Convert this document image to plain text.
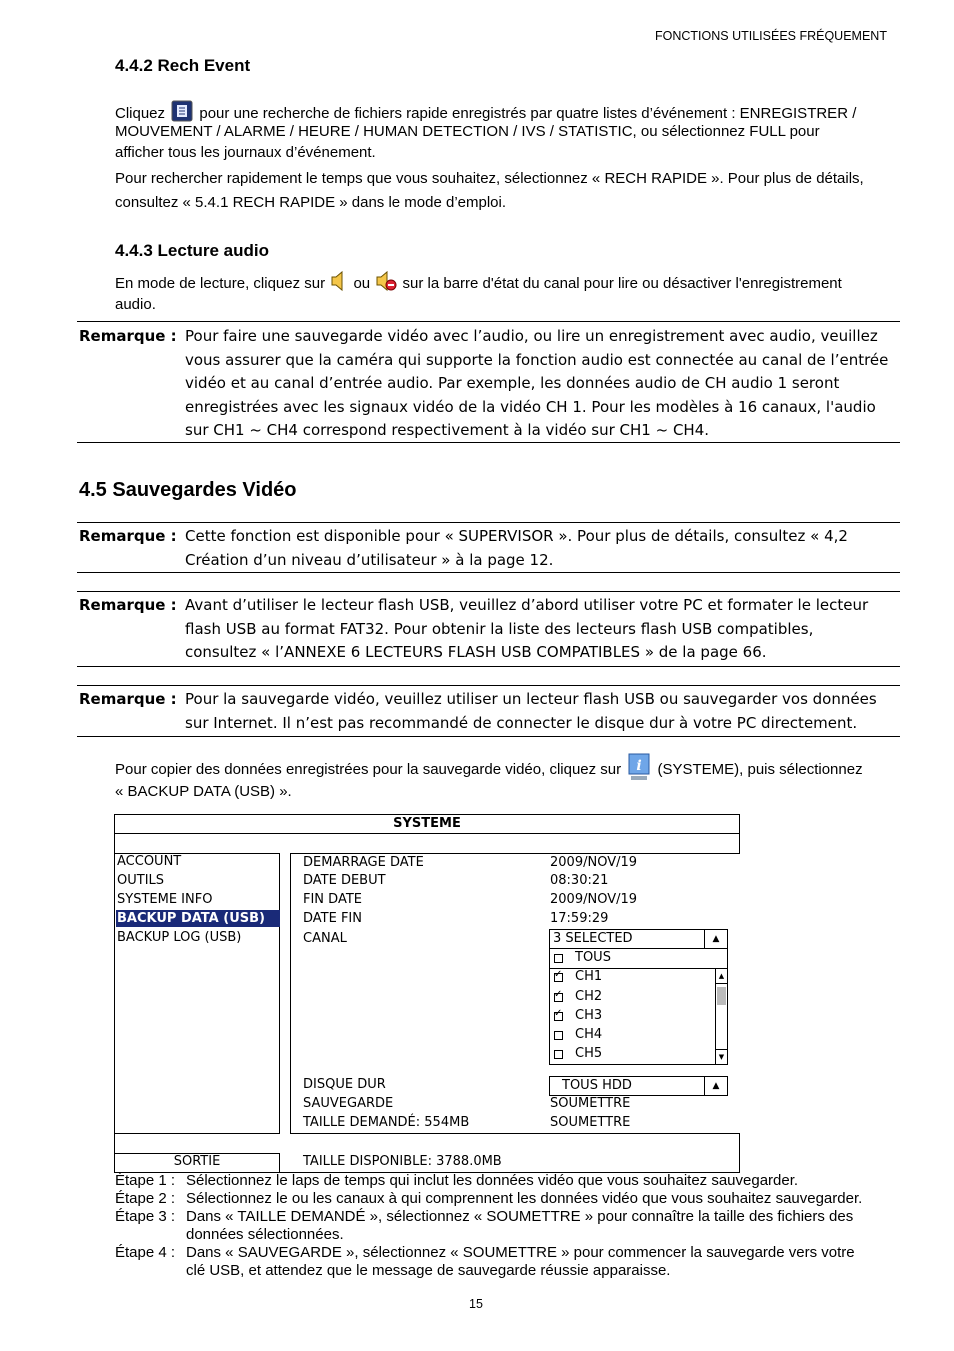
FONCTIONS UTILISÉES FRÉQUEMENT
4.4.2 Rech Event
Cliquez pour une recherche de fichiers rapide enregistrés par quatre listes d’événement : ENREGISTRER /
MOUVEMENT / ALARME / HEURE / HUMAN DETECTION / IVS / STATISTIC, ou sélectionnez FULL pour
afficher tous les journaux d’événement.
Pour rechercher rapidement le temps que vous souhaitez, sélectionnez « RECH RAPIDE ». Pour plus de détails,
consultez « 5.4.1 RECH RAPIDE » dans le mode d’emploi.
4.4.3 Lecture audio
En mode de lecture, cliquez sur ou sur la barre d'état du canal pour lire ou désactiver l'enregistrement
audio.
Remarque : Pour faire une sauvegarde vidéo avec l’audio, ou lire un enregistrement avec audio, veuillez
vous assurer que la caméra qui supporte la fonction audio est connectée au canal de l’entrée
vidéo et au canal d’entrée audio. Par exemple, les données audio de CH audio 1 seront
enregistrées avec les signaux vidéo de la vidéo CH 1. Pour les modèles à 16 canaux, l'audio
sur CH1 ~ CH4 correspond respectivement à la vidéo sur CH1 ~ CH4.
4.5 Sauvegardes Vidéo
Remarque : Cette fonction est disponible pour « SUPERVISOR ». Pour plus de détails, consultez « 4,2
Création d’un niveau d’utilisateur » à la page 12.
Remarque : Avant d’utiliser le lecteur flash USB, veuillez d’abord utiliser votre PC et formater le lecteur
flash USB au format FAT32. Pour obtenir la liste des lecteurs flash USB compatibles,
consultez « l’ANNEXE 6 LECTEURS FLASH USB COMPATIBLES » de la page 66.
Remarque : Pour la sauvegarde vidéo, veuillez utiliser un lecteur flash USB ou sauvegarder vos données
sur Internet. Il n’est pas recommandé de connecter le disque dur à votre PC directement.
Pour copier des données enregistrées pour la sauvegarde vidéo, cliquez sur i (SYSTEME), puis sélectionnez
« BACKUP DATA (USB) ».
SYSTEME
ACCOUNT
OUTILS
SYSTEME INFO
BACKUP DATA (USB)
BACKUP LOG (USB)
SORTIE
DEMARRAGE DATE	2009/NOV/19
DATE DEBUT	08:30:21
FIN DATE	2009/NOV/19
DATE FIN	17:59:29
CANAL	3 SELECTED	▲
▲
▼
TOUS
✓
CH1
✓
CH2
✓
CH3
CH4
CH5
DISQUE DUR	TOUS HDD	▲
SAUVEGARDE	SOUMETTRE
TAILLE DEMANDÉ: 554MB	SOUMETTRE
TAILLE DISPONIBLE: 3788.0MB
Étape 1 : Sélectionnez le laps de temps qui inclut les données vidéo que vous souhaitez sauvegarder.
Étape 2 : Sélectionnez le ou les canaux à qui comprennent les données vidéo que vous souhaitez sauvegarder.
Étape 3 : Dans « TAILLE DEMANDÉ », sélectionnez « SOUMETTRE » pour connaître la taille des fichiers des
données sélectionnées.
Étape 4 : Dans « SAUVEGARDE », sélectionnez « SOUMETTRE » pour commencer la sauvegarde vers votre
clé USB, et attendez que le message de sauvegarde réussie apparaisse.
15
